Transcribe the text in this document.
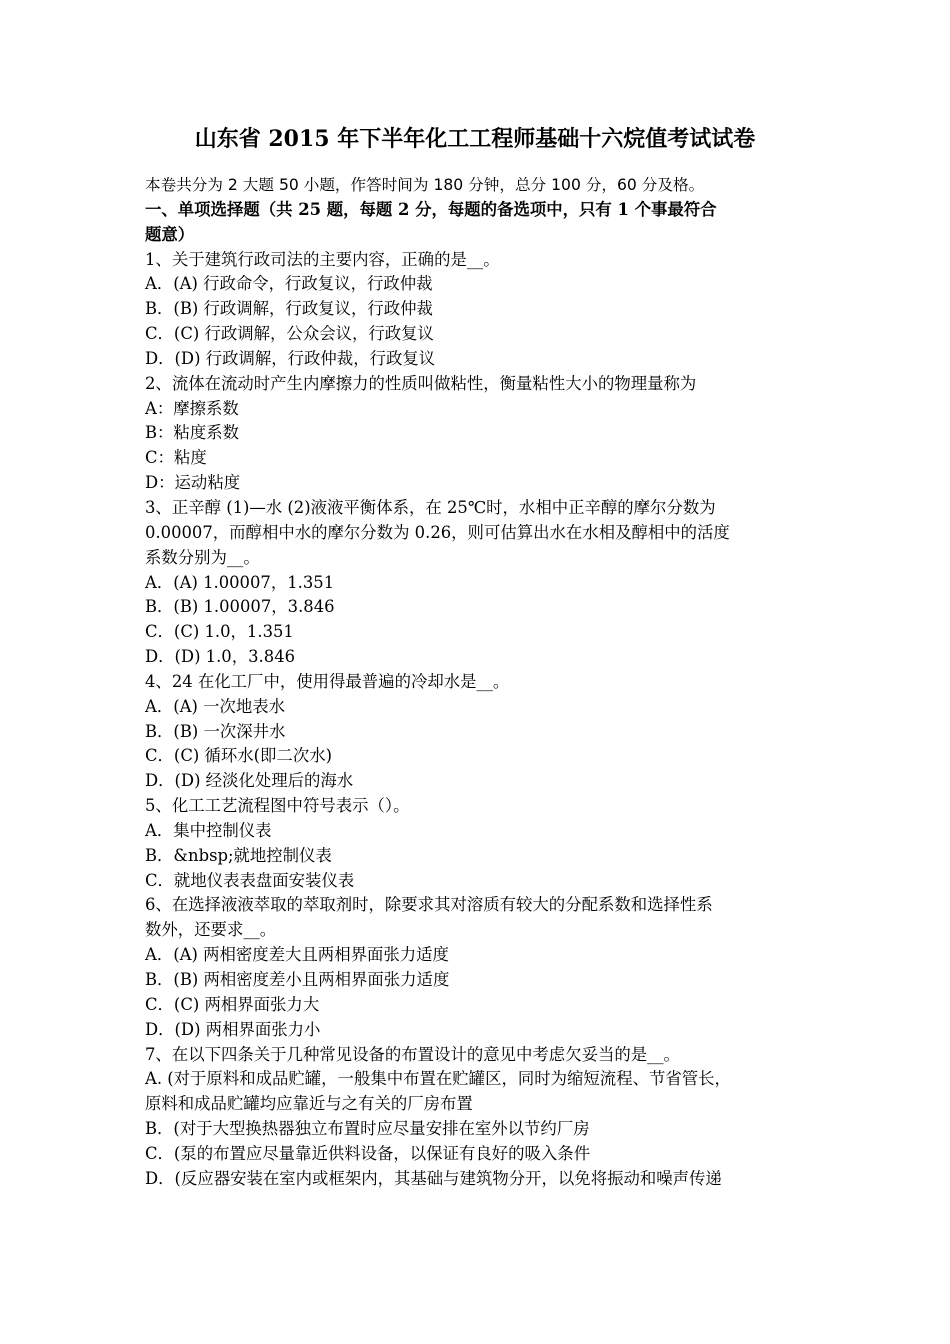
山东省 2015 年下半年化工工程师基础十六烷值考试试卷
本卷共分为 2 大题 50 小题，作答时间为 180 分钟，总分 100 分，60 分及格。
一、单项选择题（共 25 题，每题 2 分，每题的备选项中，只有 1 个事最符合
题意）
1、关于建筑行政司法的主要内容，正确的是__。
A．(A) 行政命令，行政复议，行政仲裁
B．(B) 行政调解，行政复议，行政仲裁
C．(C) 行政调解，公众会议，行政复议
D．(D) 行政调解，行政仲裁，行政复议
2、流体在流动时产生内摩擦力的性质叫做粘性，衡量粘性大小的物理量称为
A：摩擦系数
B：粘度系数
C：粘度
D：运动粘度
3、正辛醇 (1)—水 (2)液液平衡体系，在 25℃时，水相中正辛醇的摩尔分数为
0.00007，而醇相中水的摩尔分数为 0.26，则可估算出水在水相及醇相中的活度
系数分别为__。
A．(A) 1.00007，1.351
B．(B) 1.00007，3.846
C．(C) 1.0，1.351
D．(D) 1.0，3.846
4、24 在化工厂中，使用得最普遍的冷却水是__。
A．(A) 一次地表水
B．(B) 一次深井水
C．(C) 循环水(即二次水)
D．(D) 经淡化处理后的海水
5、化工工艺流程图中符号表示（）。
A．集中控制仪表
B．&nbsp;就地控制仪表
C．就地仪表表盘面安装仪表
6、在选择液液萃取的萃取剂时，除要求其对溶质有较大的分配系数和选择性系
数外，还要求__。
A．(A) 两相密度差大且两相界面张力适度
B．(B) 两相密度差小且两相界面张力适度
C．(C) 两相界面张力大
D．(D) 两相界面张力小
7、在以下四条关于几种常见设备的布置设计的意见中考虑欠妥当的是__。
A. (对于原料和成品贮罐，一般集中布置在贮罐区，同时为缩短流程、节省管长，
原料和成品贮罐均应靠近与之有关的厂房布置
B．(对于大型换热器独立布置时应尽量安排在室外以节约厂房
C．(泵的布置应尽量靠近供料设备，以保证有良好的吸入条件
D．(反应器安装在室内或框架内，其基础与建筑物分开，以免将振动和噪声传递
